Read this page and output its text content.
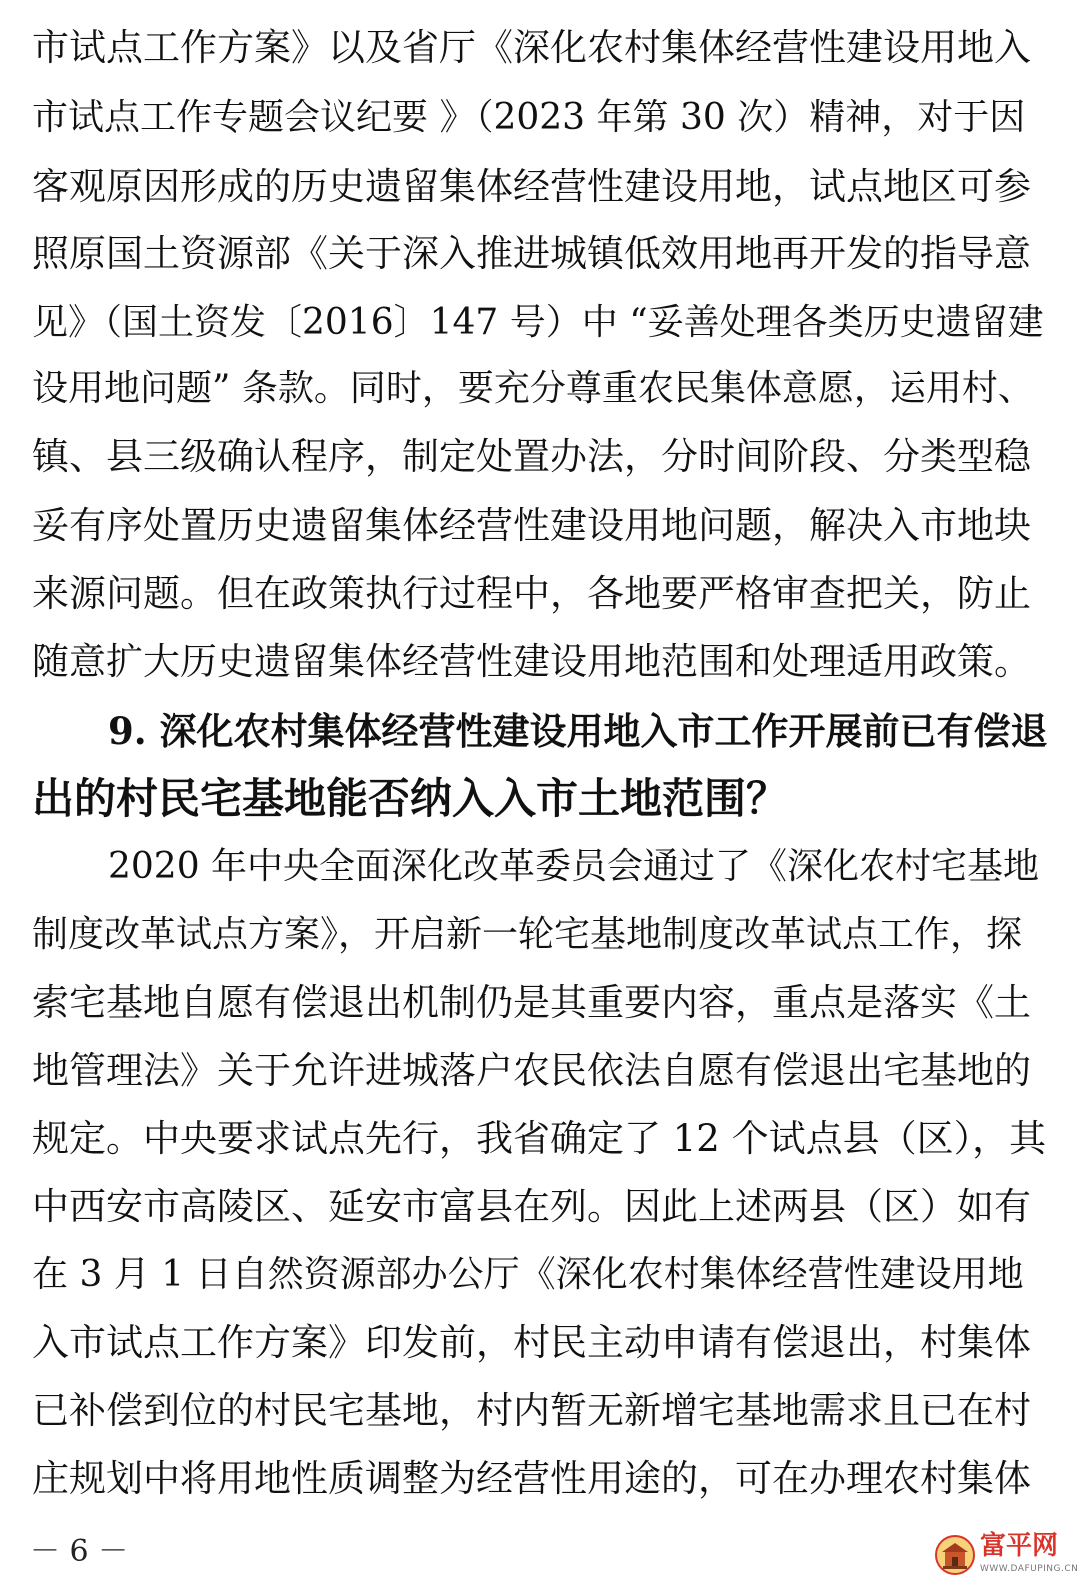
市试点工作方案》以及省厅《深化农村集体经营性建设用地入
市试点工作专题会议纪要 》（2023 年第 30 次）精神，对于因
客观原因形成的历史遗留集体经营性建设用地，试点地区可参
照原国土资源部《关于深入推进城镇低效用地再开发的指导意
见》（国土资发〔2016〕147 号）中 “妥善处理各类历史遗留建
设用地问题” 条款。同时，要充分尊重农民集体意愿，运用村、
镇、县三级确认程序，制定处置办法，分时间阶段、分类型稳
妥有序处置历史遗留集体经营性建设用地问题，解决入市地块
来源问题。但在政策执行过程中，各地要严格审查把关，防止
随意扩大历史遗留集体经营性建设用地范围和处理适用政策。
9. 深化农村集体经营性建设用地入市工作开展前已有偿退
出的村民宅基地能否纳入入市土地范围？
2020 年中央全面深化改革委员会通过了《深化农村宅基地
制度改革试点方案》，开启新一轮宅基地制度改革试点工作，探
索宅基地自愿有偿退出机制仍是其重要内容，重点是落实《土
地管理法》关于允许进城落户农民依法自愿有偿退出宅基地的
规定。中央要求试点先行，我省确定了 12 个试点县（区），其
中西安市高陵区、延安市富县在列。因此上述两县（区）如有
在 3 月 1 日自然资源部办公厅《深化农村集体经营性建设用地
入市试点工作方案》印发前，村民主动申请有偿退出，村集体
已补偿到位的村民宅基地，村内暂无新增宅基地需求且已在村
庄规划中将用地性质调整为经营性用途的，可在办理农村集体
－ 6 －	富平网
WWW.DAFUPING.CN
